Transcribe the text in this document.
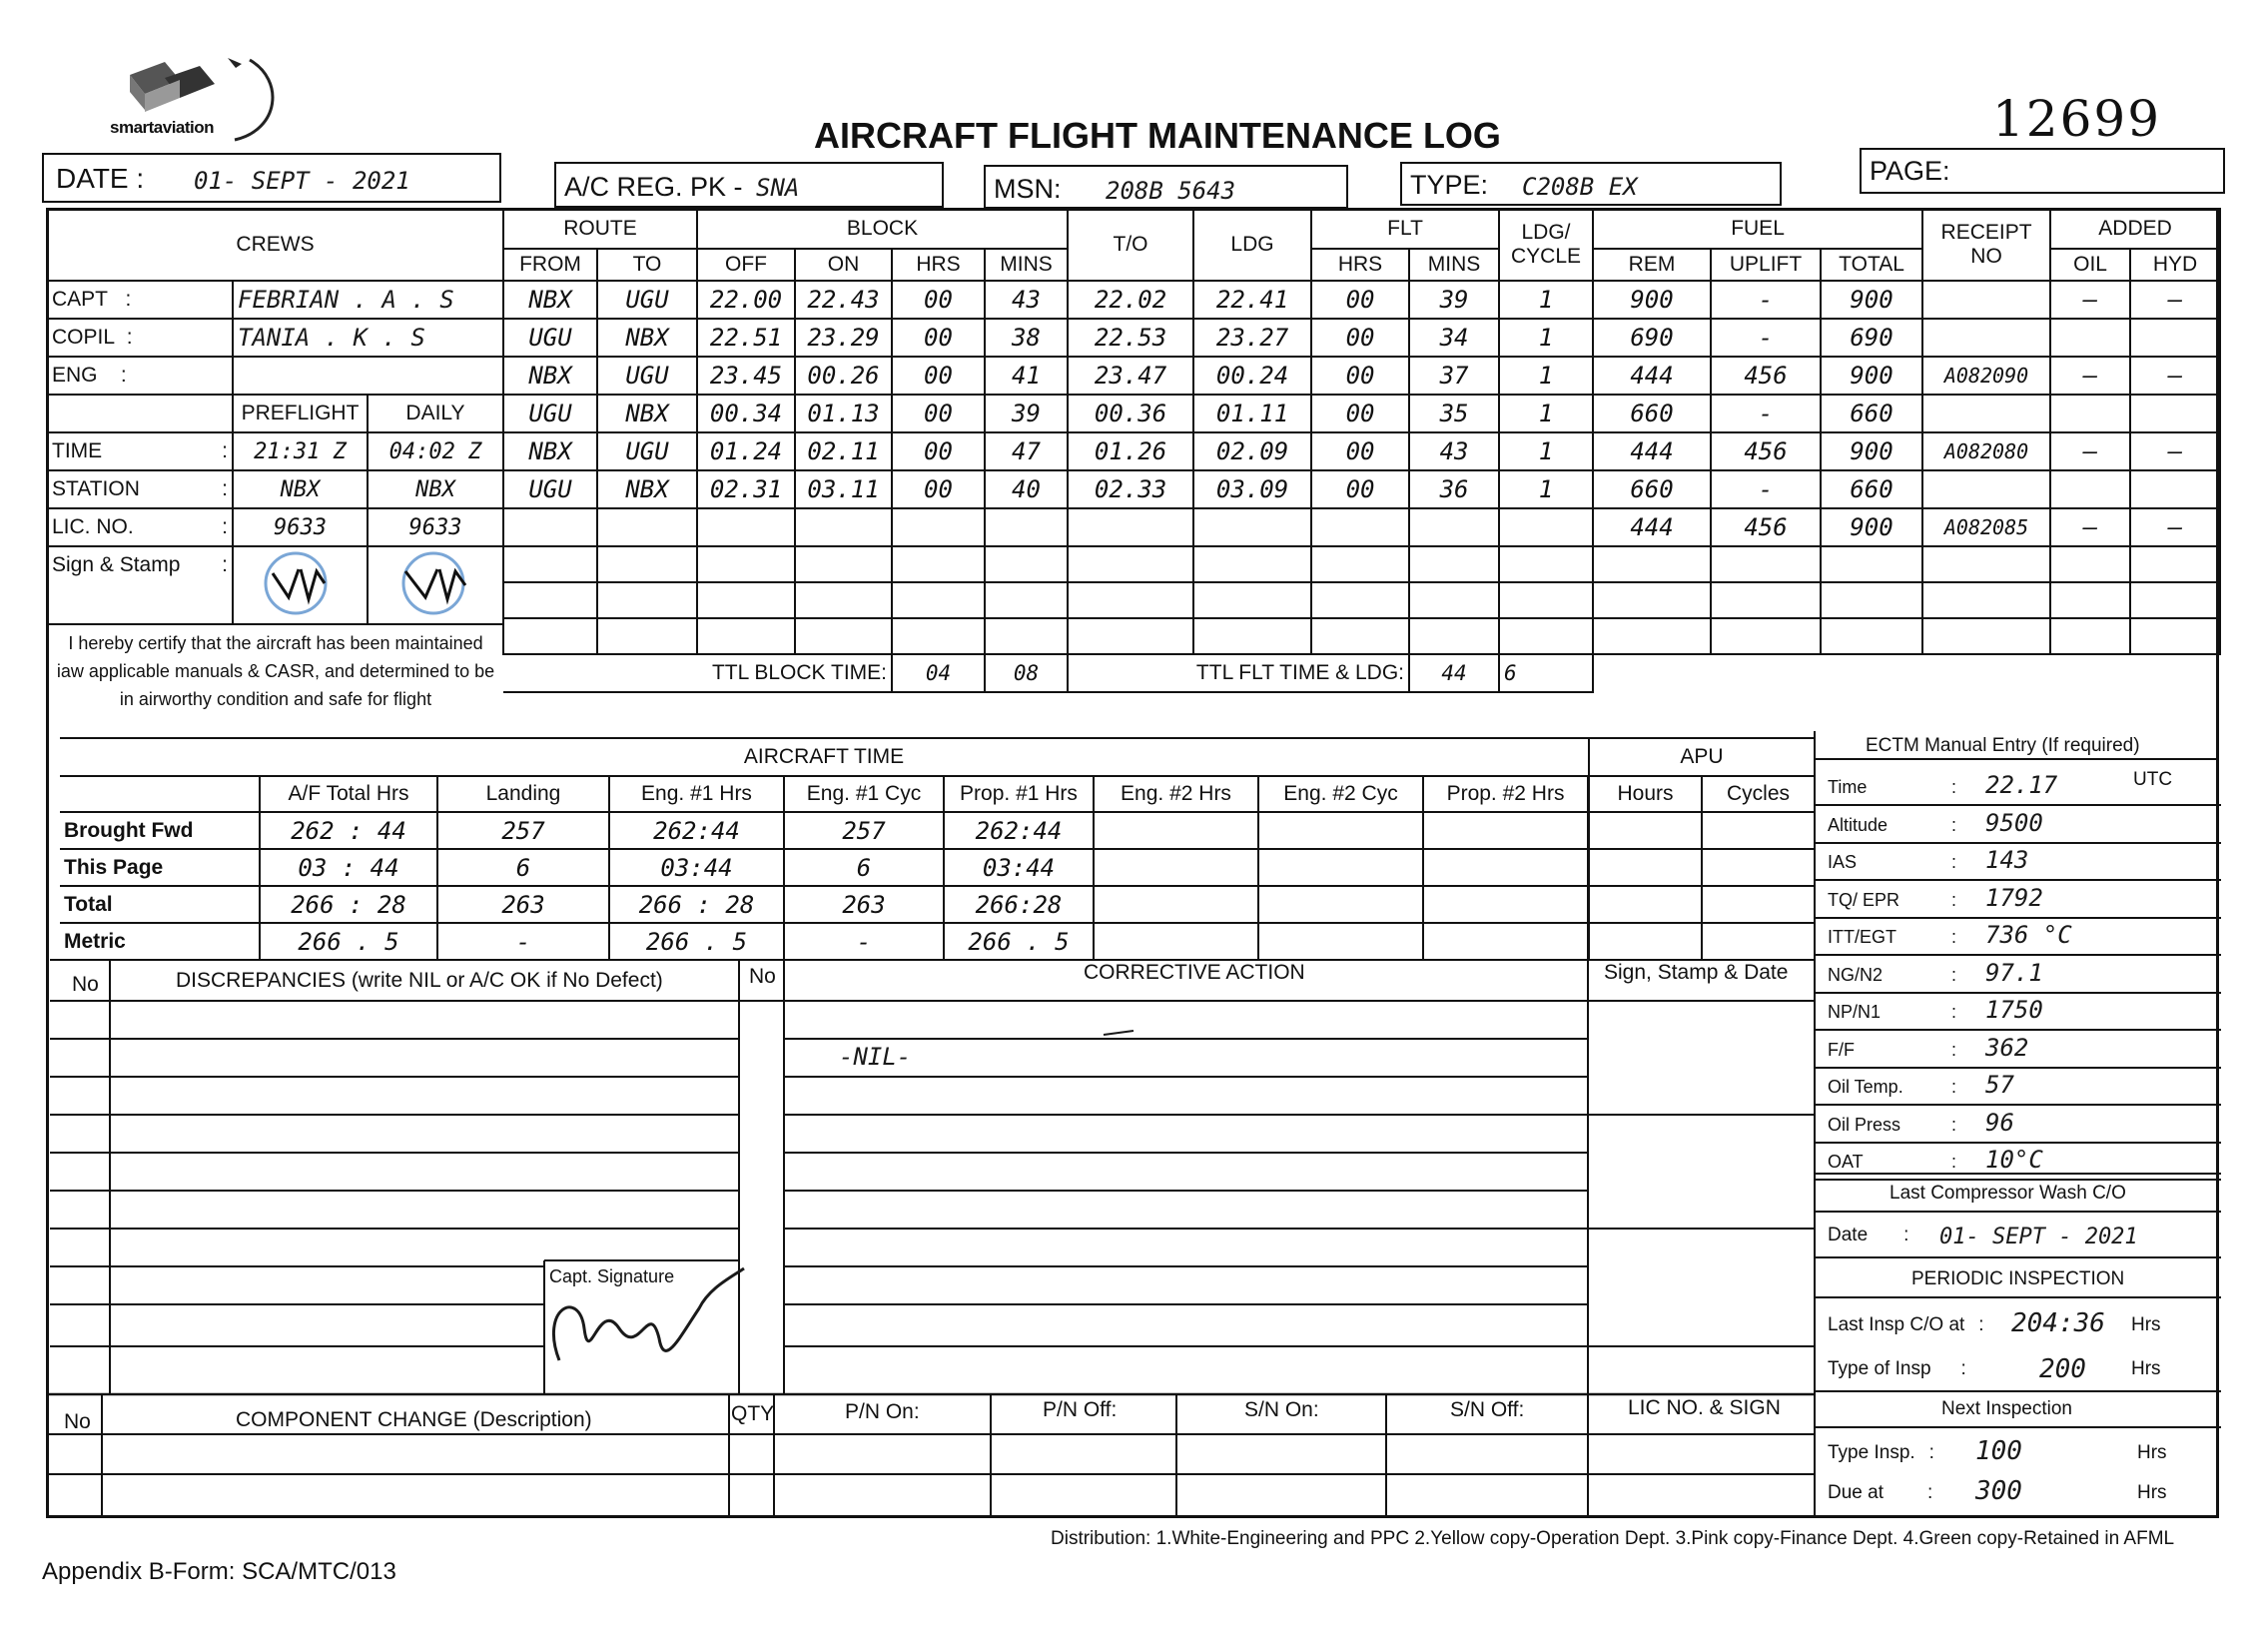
smartaviation	AIRCRAFT FLIGHT MAINTENANCE LOG	12699
DATE : 01- SEPT - 2021	A/C REG. PK - SNA	MSN: 208B 5643	TYPE: C208B EX
PAGE:
CREWS		
CAPT   :	FEBRIAN . A . S	
COPIL  :	TANIA . K . S	
ENG    :		
	PREFLIGHT	DAILY
TIME :	21:31 Z	04:02 Z
STATION :	NBX	NBX
LIC. NO. :	9633	9633
Sign & Stamp :

I hereby certify that the aircraft has been maintained iaw applicable manuals & CASR, and determined to be in airworthy condition and safe for flight
ROUTE		BLOCK				T/O	LDG	FLT		LDG/ CYCLE	FUEL			RECEIPT NO	ADDED	
FROM	TO	OFF	ON	HRS	MINS			HRS	MINS		REM	UPLIFT	TOTAL		OIL	HYD
NBX	UGU	22.00	22.43	00	43	22.02	22.41	00	39	1	900	-	900		—	—
UGU	NBX	22.51	23.29	00	38	22.53	23.27	00	34	1	690	-	690			
NBX	UGU	23.45	00.26	00	41	23.47	00.24	00	37	1	444	456	900	A082090	—	—
UGU	NBX	00.34	01.13	00	39	00.36	01.11	00	35	1	660	-	660			
NBX	UGU	01.24	02.11	00	47	01.26	02.09	00	43	1	444	456	900	A082080	—	—
UGU	NBX	02.31	03.11	00	40	02.33	03.09	00	36	1	660	-	660			
											444	456	900	A082085	—	—

TTL BLOCK TIME:				04	08	TTL FLT TIME & LDG:			44	6						
AIRCRAFT TIME								
	A/F Total Hrs	Landing	Eng. #1 Hrs	Eng. #1 Cyc	Prop. #1 Hrs	Eng. #2 Hrs	Eng. #2 Cyc	Prop. #2 Hrs
Brought Fwd	262 : 44	257	262:44	257	262:44			
This Page	03 : 44	6	03:44	6	03:44			
Total	266 : 28	263	266 : 28	263	266:28			
Metric	266 . 5	-	266 . 5	-	266 . 5			
APU	
Hours	Cycles

ECTM Manual Entry (If required)
Time	: 22.17
Altitude	: 9500
IAS	: 143
TQ/ EPR	: 1792
ITT/EGT	: 736 °C
NG/N2	: 97.1
NP/N1	: 1750
F/F	: 362
Oil Temp.	: 57
Oil Press	: 96
OAT	: 10°C
UTC
Last Compressor Wash C/O
Date : 01- SEPT - 2021
PERIODIC INSPECTION
Last Insp C/O at : 204:36 Hrs
Type of Insp :	200 Hrs
Next Inspection
Type Insp. : 100	Hrs
Due at : 300	Hrs
No	DISCREPANCIES (write NIL or A/C OK if No Defect)	No	CORRECTIVE ACTION	Sign, Stamp & Date
-NIL-
Capt. Signature
No	COMPONENT CHANGE (Description)	QTY	P/N On:	P/N Off:	S/N On:	S/N Off:	LIC NO. & SIGN
Distribution: 1.White-Engineering and PPC 2.Yellow copy-Operation Dept. 3.Pink copy-Finance Dept. 4.Green copy-Retained in AFML
Appendix B-Form: SCA/MTC/013
